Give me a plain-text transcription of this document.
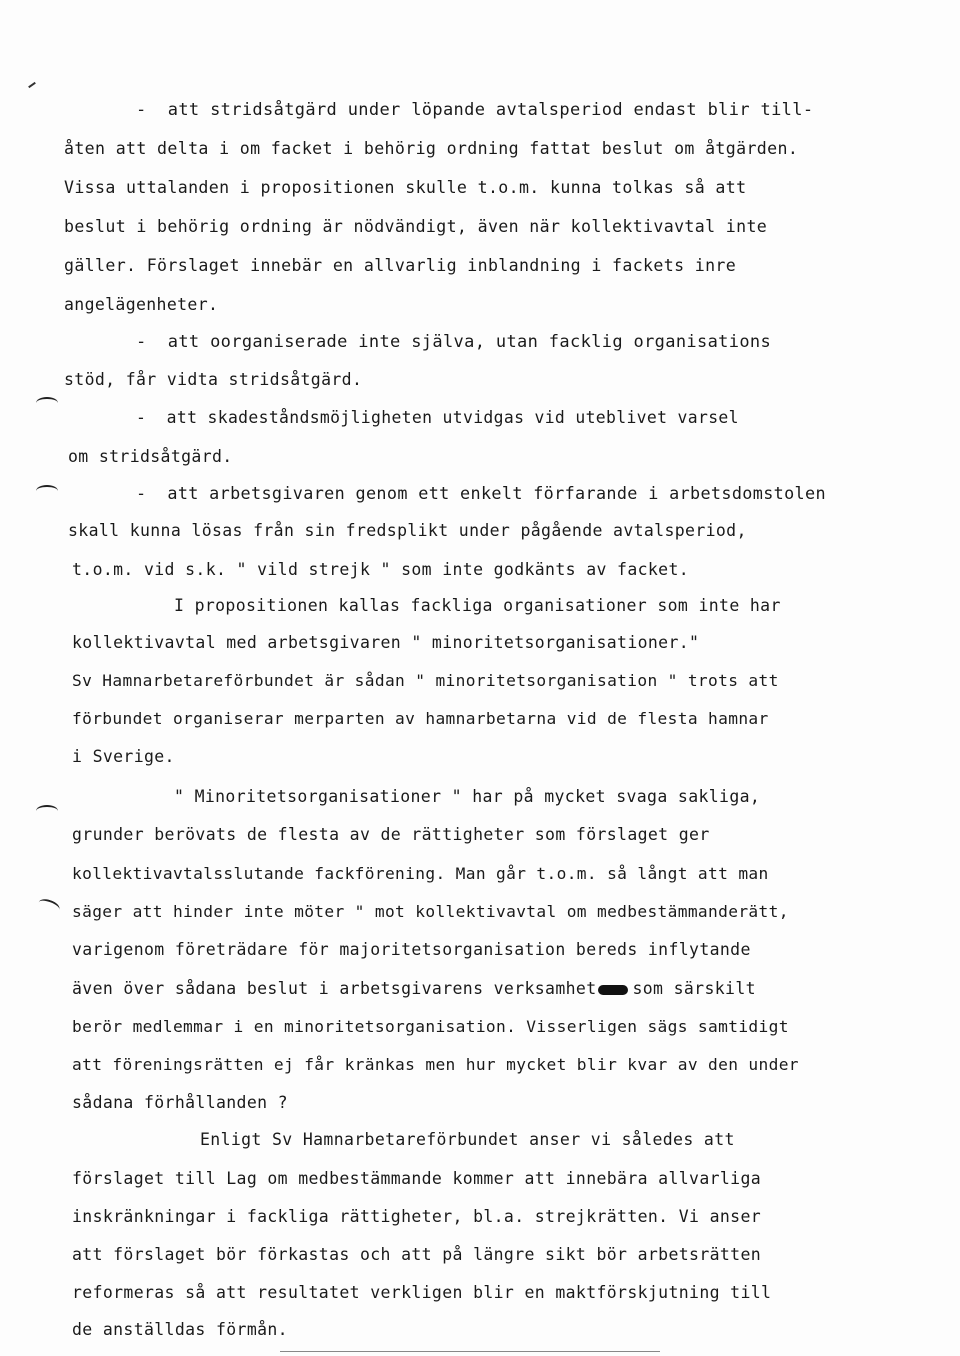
-  att stridsåtgärd under löpande avtalsperiod endast blir till-
åten att delta i om facket i behörig ordning fattat beslut om åtgärden.
Vissa uttalanden i propositionen skulle t.o.m. kunna tolkas så att
beslut i behörig ordning är nödvändigt, även när kollektivavtal inte
gäller. Förslaget innebär en allvarlig inblandning i fackets inre
angelägenheter.
-  att oorganiserade inte själva, utan facklig organisations
stöd, får vidta stridsåtgärd.
-  att skadeståndsmöjligheten utvidgas vid uteblivet varsel
om stridsåtgärd.
-  att arbetsgivaren genom ett enkelt förfarande i arbetsdomstolen
skall kunna lösas från sin fredsplikt under pågående avtalsperiod,
t.o.m. vid s.k. " vild strejk " som inte godkänts av facket.
I propositionen kallas fackliga organisationer som inte har
kollektivavtal med arbetsgivaren " minoritetsorganisationer."
Sv Hamnarbetareförbundet är sådan " minoritetsorganisation " trots att
förbundet organiserar merparten av hamnarbetarna vid de flesta hamnar
i Sverige.
" Minoritetsorganisationer " har på mycket svaga sakliga,
grunder berövats de flesta av de rättigheter som förslaget ger
kollektivavtalsslutande fackförening. Man går t.o.m. så långt att man
säger att hinder inte möter " mot kollektivavtal om medbestämmanderätt,
varigenom företrädare för majoritetsorganisation bereds inflytande
även över sådana beslut i arbetsgivarens verksamhet som särskilt
berör medlemmar i en minoritetsorganisation. Visserligen sägs samtidigt
att föreningsrätten ej får kränkas men hur mycket blir kvar av den under
sådana förhållanden ?
Enligt Sv Hamnarbetareförbundet anser vi således att
förslaget till Lag om medbestämmande kommer att innebära allvarliga
inskränkningar i fackliga rättigheter, bl.a. strejkrätten. Vi anser
att förslaget bör förkastas och att på längre sikt bör arbetsrätten
reformeras så att resultatet verkligen blir en maktförskjutning till
de anställdas förmån.
